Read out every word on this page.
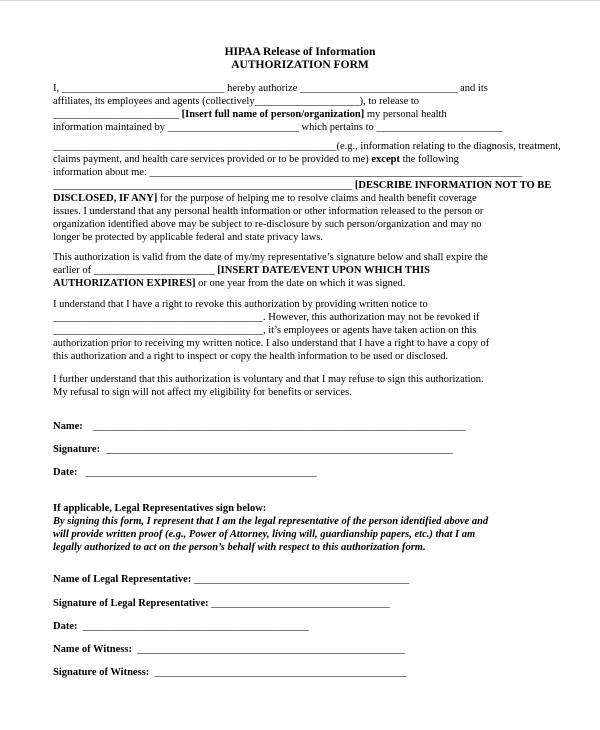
HIPAA Release of Information
AUTHORIZATION FORM
I, _______________________________ hereby authorize ______________________________ and its
affiliates, its employees and agents (collectively____________________), to release to
________________________ [Insert full name of person/organization] my personal health
information maintained by _________________________ which pertains to ________________________
______________________________________________________(e.g., information relating to the diagnosis, treatment,
claims payment, and health care services provided or to be provided to me) except the following
information about me: _______________________________________________________________________
_________________________________________________________ [DESCRIBE INFORMATION NOT TO BE
DISCLOSED, IF ANY] for the purpose of helping me to resolve claims and health benefit coverage
issues. I understand that any personal health information or other information released to the person or
organization identified above may be subject to re-disclosure by such person/organization and may no
longer be protected by applicable federal and state privacy laws.
This authorization is valid from the date of my/my representative’s signature below and shall expire the
earlier of _______________________ [INSERT DATE/EVENT UPON WHICH THIS
AUTHORIZATION EXPIRES] or one year from the date on which it was signed.
I understand that I have a right to revoke this authorization by providing written notice to
________________________________________. However, this authorization may not be revoked if
________________________________________, it’s employees or agents have taken action on this
authorization prior to receiving my written notice. I also understand that I have a right to have a copy of
this authorization and a right to inspect or copy the health information to be used or disclosed.
I further understand that this authorization is voluntary and that I may refuse to sign this authorization.
My refusal to sign will not affect my eligibility for benefits or services.
Name: _______________________________________________________________________
Signature: __________________________________________________________________
Date: ____________________________________________
If applicable, Legal Representatives sign below:
By signing this form, I represent that I am the legal representative of the person identified above and
will provide written proof (e.g., Power of Attorney, living will, guardianship papers, etc.) that I am
legally authorized to act on the person’s behalf with respect to this authorization form.
Name of Legal Representative: _________________________________________
Signature of Legal Representative: __________________________________
Date:  ___________________________________________
Name of Witness:  ___________________________________________________
Signature of Witness:  ________________________________________________
